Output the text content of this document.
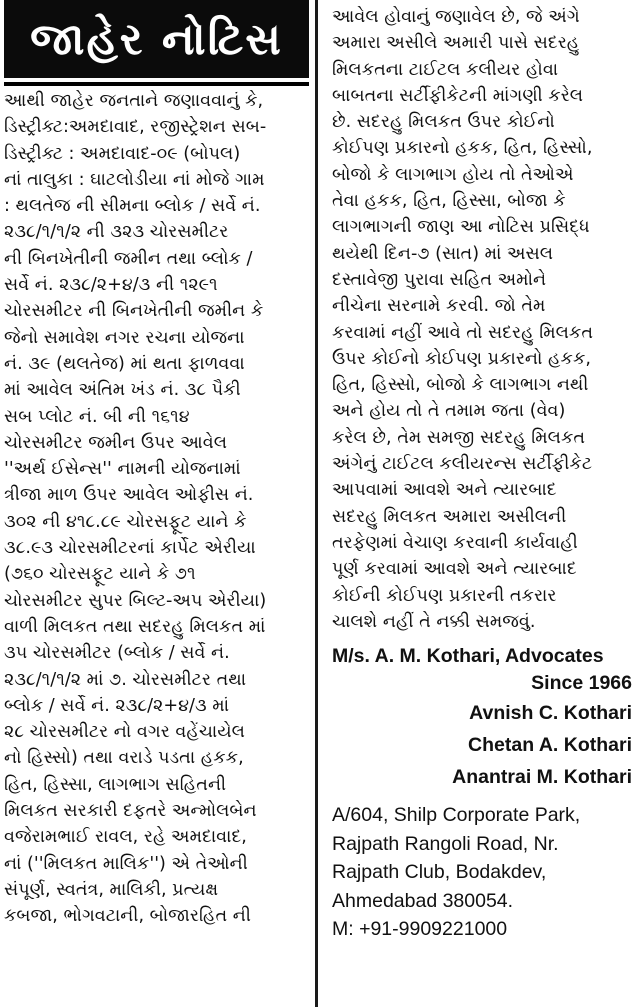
જાહેર નોટિસ
આથી જાહેર જનતાને જણાવવાનું કે,
ડિસ્ટ્રીક્ટ:અમદાવાદ, રજીસ્ટ્રેશન સબ-
ડિસ્ટ્રીક્ટ : અમદાવાદ-૦૯ (બોપલ)
નાં તાલુકા : ઘાટલોડીયા નાં મોજે ગામ
: થલતેજ ની સીમના બ્લોક / સર્વે નં.
૨૩૮/૧/૧/૨ ની ૩૨૩ ચોરસમીટર
ની બિનખેતીની જમીન તથા બ્લોક /
સર્વે નં. ૨૩૮/૨+૪/૩ ની ૧૨૯૧
ચોરસમીટર ની બિનખેતીની જમીન કે
જેનો સમાવેશ નગર રચના યોજના
નં. ૩૯ (થલતેજ) માં થતા ફાળવવા
માં આવેલ અંતિમ ખંડ નં. ૩૮ પૈકી
સબ પ્લોટ નં. બી ની ૧૬૧૪
ચોરસમીટર જમીન ઉપર આવેલ
''અર્થ ઈસેન્સ'' નામની યોજનામાં
ત્રીજા માળ ઉપર આવેલ ઓફીસ નં.
૩૦૨ ની ૪૧૮.૮૯ ચોરસફૂટ યાને કે
૩૮.૯૩ ચોરસમીટરનાં કાર્પેટ એરીયા
(૭૬૦ ચોરસફૂટ યાને કે ૭૧
ચોરસમીટર સુપર બિલ્ટ-અપ એરીયા)
વાળી મિલકત તથા સદરહુ મિલકત માં
૩૫ ચોરસમીટર (બ્લોક / સર્વે નં.
૨૩૮/૧/૧/૨ માં ૭. ચોરસમીટર તથા
બ્લોક / સર્વે નં. ૨૩૮/૨+૪/૩ માં
૨૮ ચોરસમીટર નો વગર વહેંચાયેલ
નો હિસ્સો) તથા વરાડે પડતા હકક,
હિત, હિસ્સા, લાગભાગ સહિતની
મિલકત સરકારી દફતરે અન્મોલબેન
વજેરામભાઈ રાવલ, રહે અમદાવાદ,
નાં (''મિલકત માલિક'') એ તેઓની
સંપૂર્ણ, સ્વતંત્ર, માલિકી, પ્રત્યક્ષ
કબજા, ભોગવટાની, બોજારહિત ની
આવેલ હોવાનું જણાવેલ છે, જે અંગે
અમારા અસીલે અમારી પાસે સદરહુ
મિલકતના ટાઈટલ કલીયર હોવા
બાબતના સર્ટીફીકેટની માંગણી કરેલ
છે. સદરહુ મિલકત ઉપર કોઈનો
કોઈપણ પ્રકારનો હકક, હિત, હિસ્સો,
બોજો કે લાગભાગ હોય તો તેઓએ
તેવા હકક, હિત, હિસ્સા, બોજા કે
લાગભાગની જાણ આ નોટિસ પ્રસિદ્ધ
થયેથી દિન-૭ (સાત) માં અસલ
દસ્તાવેજી પુરાવા સહિત અમોને
નીચેના સરનામે કરવી. જો તેમ
કરવામાં નહીં આવે તો સદરહુ મિલકત
ઉપર કોઈનો કોઈપણ પ્રકારનો હકક,
હિત, હિસ્સો, બોજો કે લાગભાગ નથી
અને હોય તો તે તમામ જતા (વેવ)
કરેલ છે, તેમ સમજી સદરહુ મિલકત
અંગેનું ટાઈટલ કલીયરન્સ સર્ટીફીકેટ
આપવામાં આવશે અને ત્યારબાદ
સદરહુ મિલકત અમારા અસીલની
તરફેણમાં વેચાણ કરવાની કાર્યવાહી
પૂર્ણ કરવામાં આવશે અને ત્યારબાદ
કોઈની કોઈપણ પ્રકારની તકરાર
ચાલશે નહીં તે નક્કી સમજવું.
M/s. A. M. Kothari, Advocates
Since 1966
Avnish C. Kothari
Chetan A. Kothari
Anantrai M. Kothari
A/604, Shilp Corporate Park,
Rajpath Rangoli Road, Nr.
Rajpath Club, Bodakdev,
Ahmedabad 380054.
M: +91-9909221000
